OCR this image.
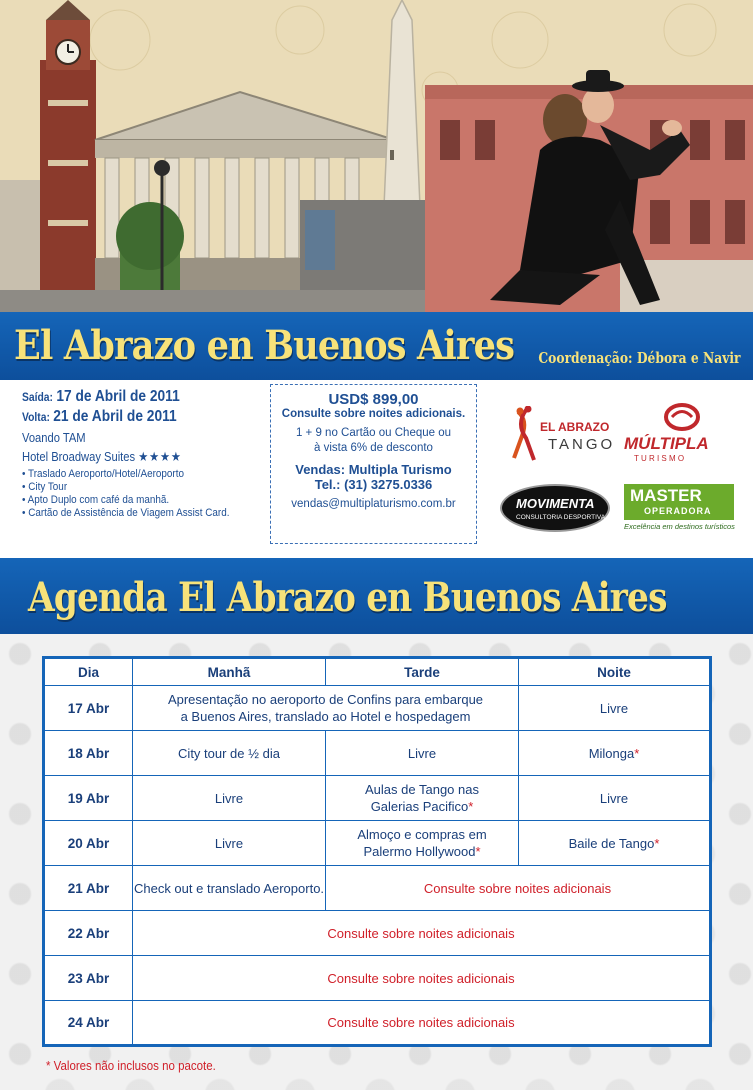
El Abrazo en Buenos Aires Coordenação: Débora e Navir
Saída: 17 de Abril de 2011
Volta: 21 de Abril de 2011
Voando TAM
Hotel Broadway Suites ★★★★
• Traslado Aeroporto/Hotel/Aeroporto
• City Tour
• Apto Duplo com café da manhã.
• Cartão de Assistência de Viagem Assist Card.
USD$ 899,00
Consulte sobre noites adicionais.
1 + 9 no Cartão ou Cheque ou
à vista 6% de desconto
Vendas: Multipla Turismo
Tel.: (31) 3275.0336
vendas@multiplaturismo.com.br
EL ABRAZO
TANGO MÚLTIPLA
T U R I S M O
MOVIMENTA
CONSULTORIA DESPORTIVA
MASTER
OPERADORA
Excelência em destinos turísticos
Agenda El Abrazo en Buenos Aires
Dia	Manhã	Tarde	Noite
17 Abr	Apresentação no aeroporto de Confins para embarque
a Buenos Aires, translado ao Hotel e hospedagem		Livre
18 Abr	City tour de ½ dia	Livre	Milonga*
19 Abr	Livre	Aulas de Tango nas
Galerias Pacifico*	Livre
20 Abr	Livre	Almoço e compras em
Palermo Hollywood*	Baile de Tango*
21 Abr	Check out e translado Aeroporto.	Consulte sobre noites adicionais	
22 Abr	Consulte sobre noites adicionais		
23 Abr	Consulte sobre noites adicionais		
24 Abr	Consulte sobre noites adicionais		
* Valores não inclusos no pacote.
